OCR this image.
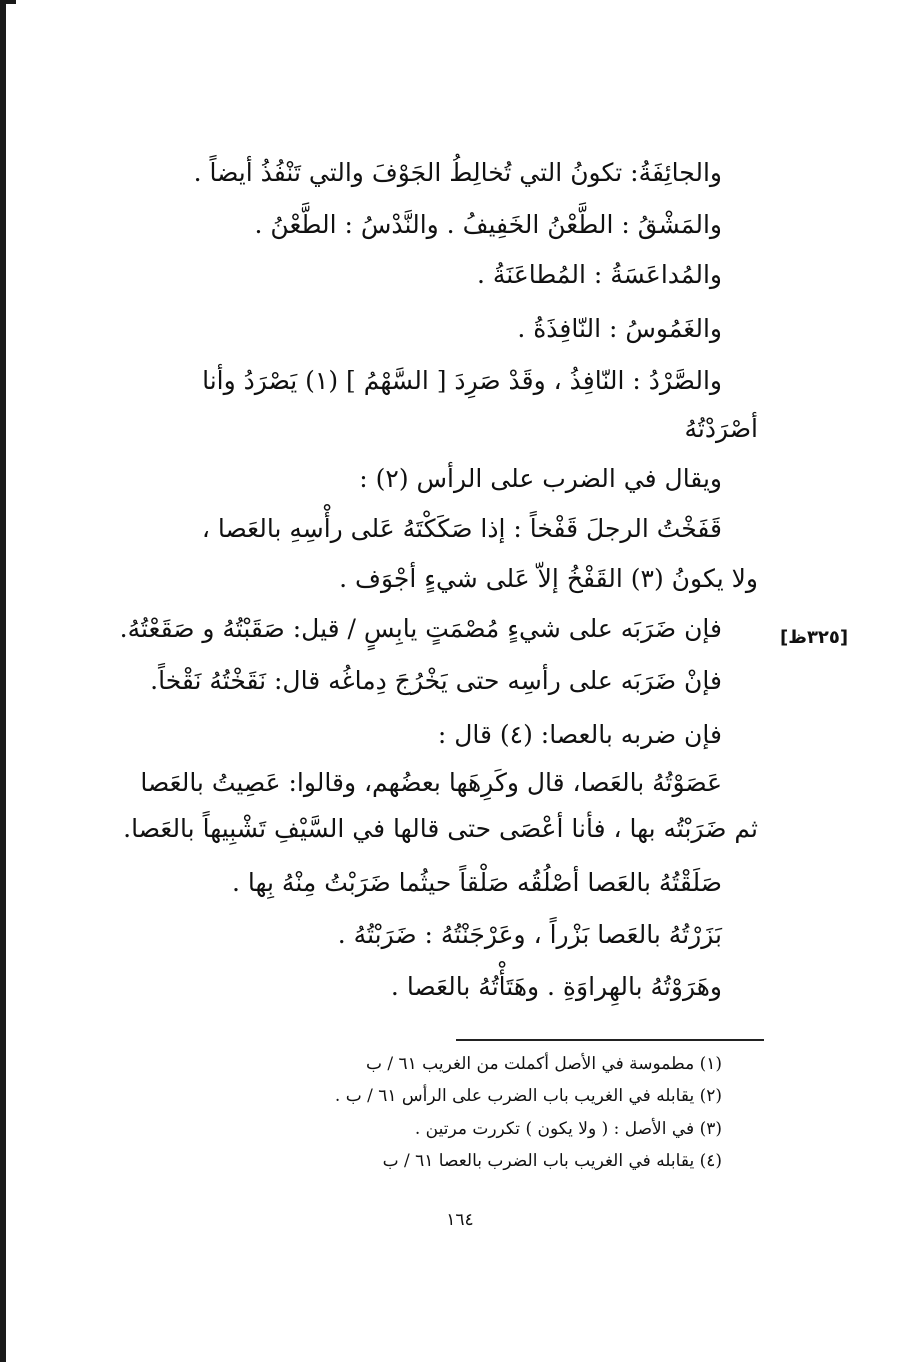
والجائِفَةُ: تكونُ التي تُخالِطُ الجَوْفَ والتي تَنْفُذُ أيضاً .
والمَشْقُ : الطَّعْنُ الخَفِيفُ . والنَّدْسُ : الطَّعْنُ .
والمُداعَسَةُ : المُطاعَنَةُ .
والغَمُوسُ : النّافِذَةُ .
والصَّرْدُ : النّافِذُ ، وقَدْ صَرِدَ [ السَّهْمُ ] (١) يَصْرَدُ وأنا
أصْرَدْتُهُ
ويقال في الضرب على الرأس (٢) :
قَفَخْتُ الرجلَ قَفْخاً : إذا صَكَكْتَهُ عَلى رأْسِهِ بالعَصا ،
ولا يكونُ (٣) القَفْخُ إلاّ عَلى شيءٍ أجْوَف .
فإن ضَرَبَه على شيءٍ مُصْمَتٍ يابِسٍ / قيل: صَقَبْتُهُ و صَقَعْتُهُ.
فإنْ ضَرَبَه على رأسِه حتى يَخْرُجَ دِماغُه قال: نَقَخْتُهُ نَقْخاً.
فإن ضربه بالعصا: (٤) قال :
عَصَوْتُهُ بالعَصا، قال وكَرِهَها بعضُهم، وقالوا: عَصِيتُ بالعَصا
ثم ضَرَبْتُه بها ، فأنا أعْصَى حتى قالها في السَّيْفِ تَشْبِيهاً بالعَصا.
صَلَقْتُهُ بالعَصا أصْلُقُه صَلْقاً حيثُما ضَرَبْتُ مِنْهُ بِها .
بَزَرْتُهُ بالعَصا بَزْراً ، وعَرْجَنْتُهُ : ضَرَبْتُهُ .
وهَرَوْتُهُ بالهِراوَةِ . وهَتَأْتُهُ بالعَصا .
[٣٢٥ظ]
(١) مطموسة في الأصل أكملت من الغريب ٦١ / ب
(٢) يقابله في الغريب باب الضرب على الرأس ٦١ / ب .
(٣) في الأصل : ( ولا يكون ) تكررت مرتين .
(٤) يقابله في الغريب باب الضرب بالعصا ٦١ / ب
١٦٤
